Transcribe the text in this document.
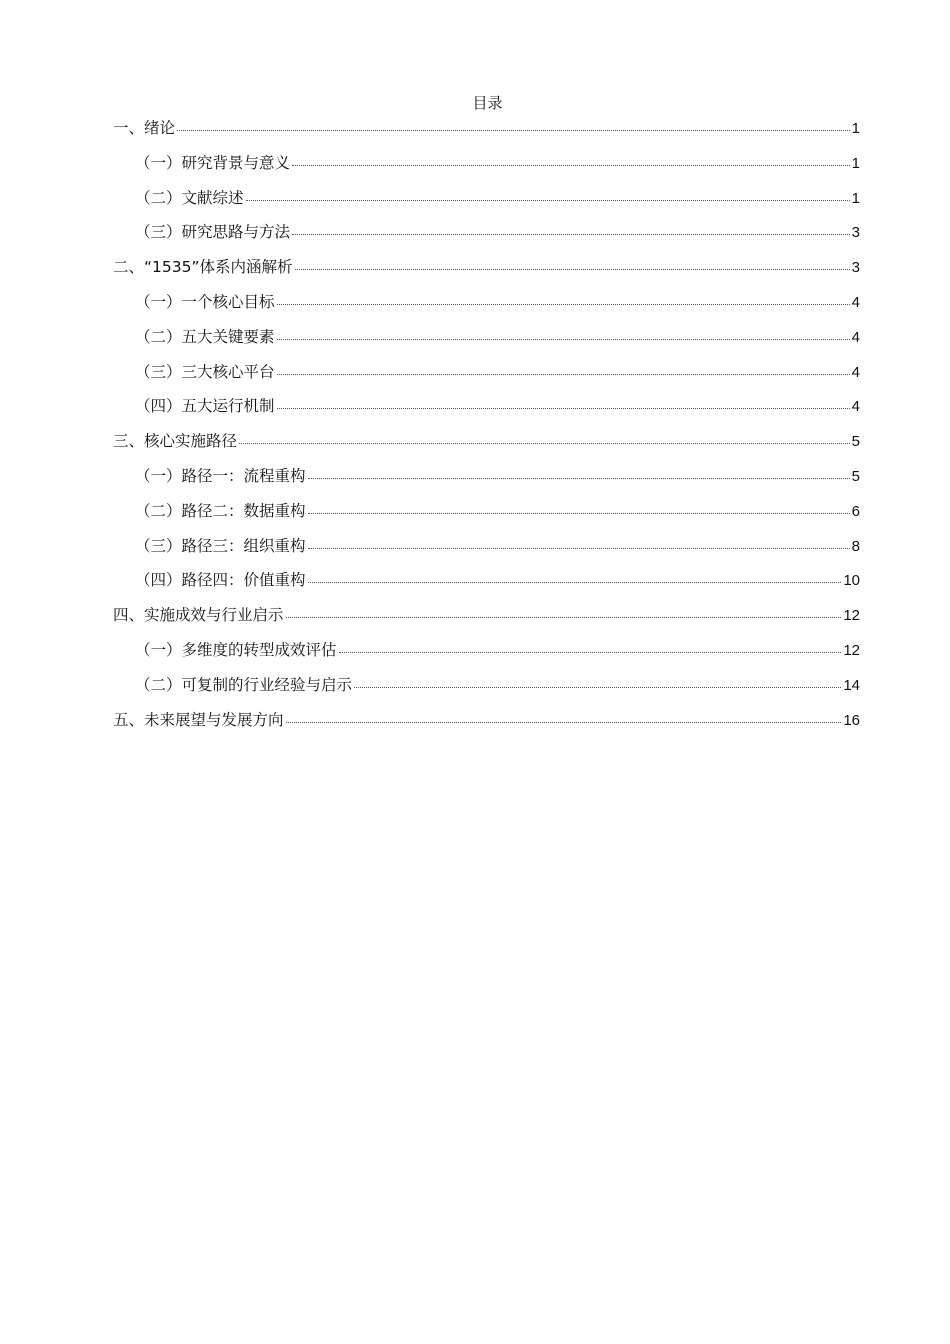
目录
一、绪论	1
（一）研究背景与意义	1
（二）文献综述	1
（三）研究思路与方法	3
二、“1535”体系内涵解析	3
（一）一个核心目标	4
（二）五大关键要素	4
（三）三大核心平台	4
（四）五大运行机制	4
三、核心实施路径	5
（一）路径一：流程重构	5
（二）路径二：数据重构	6
（三）路径三：组织重构	8
（四）路径四：价值重构	10
四、实施成效与行业启示	12
（一）多维度的转型成效评估	12
（二）可复制的行业经验与启示	14
五、未来展望与发展方向	16
